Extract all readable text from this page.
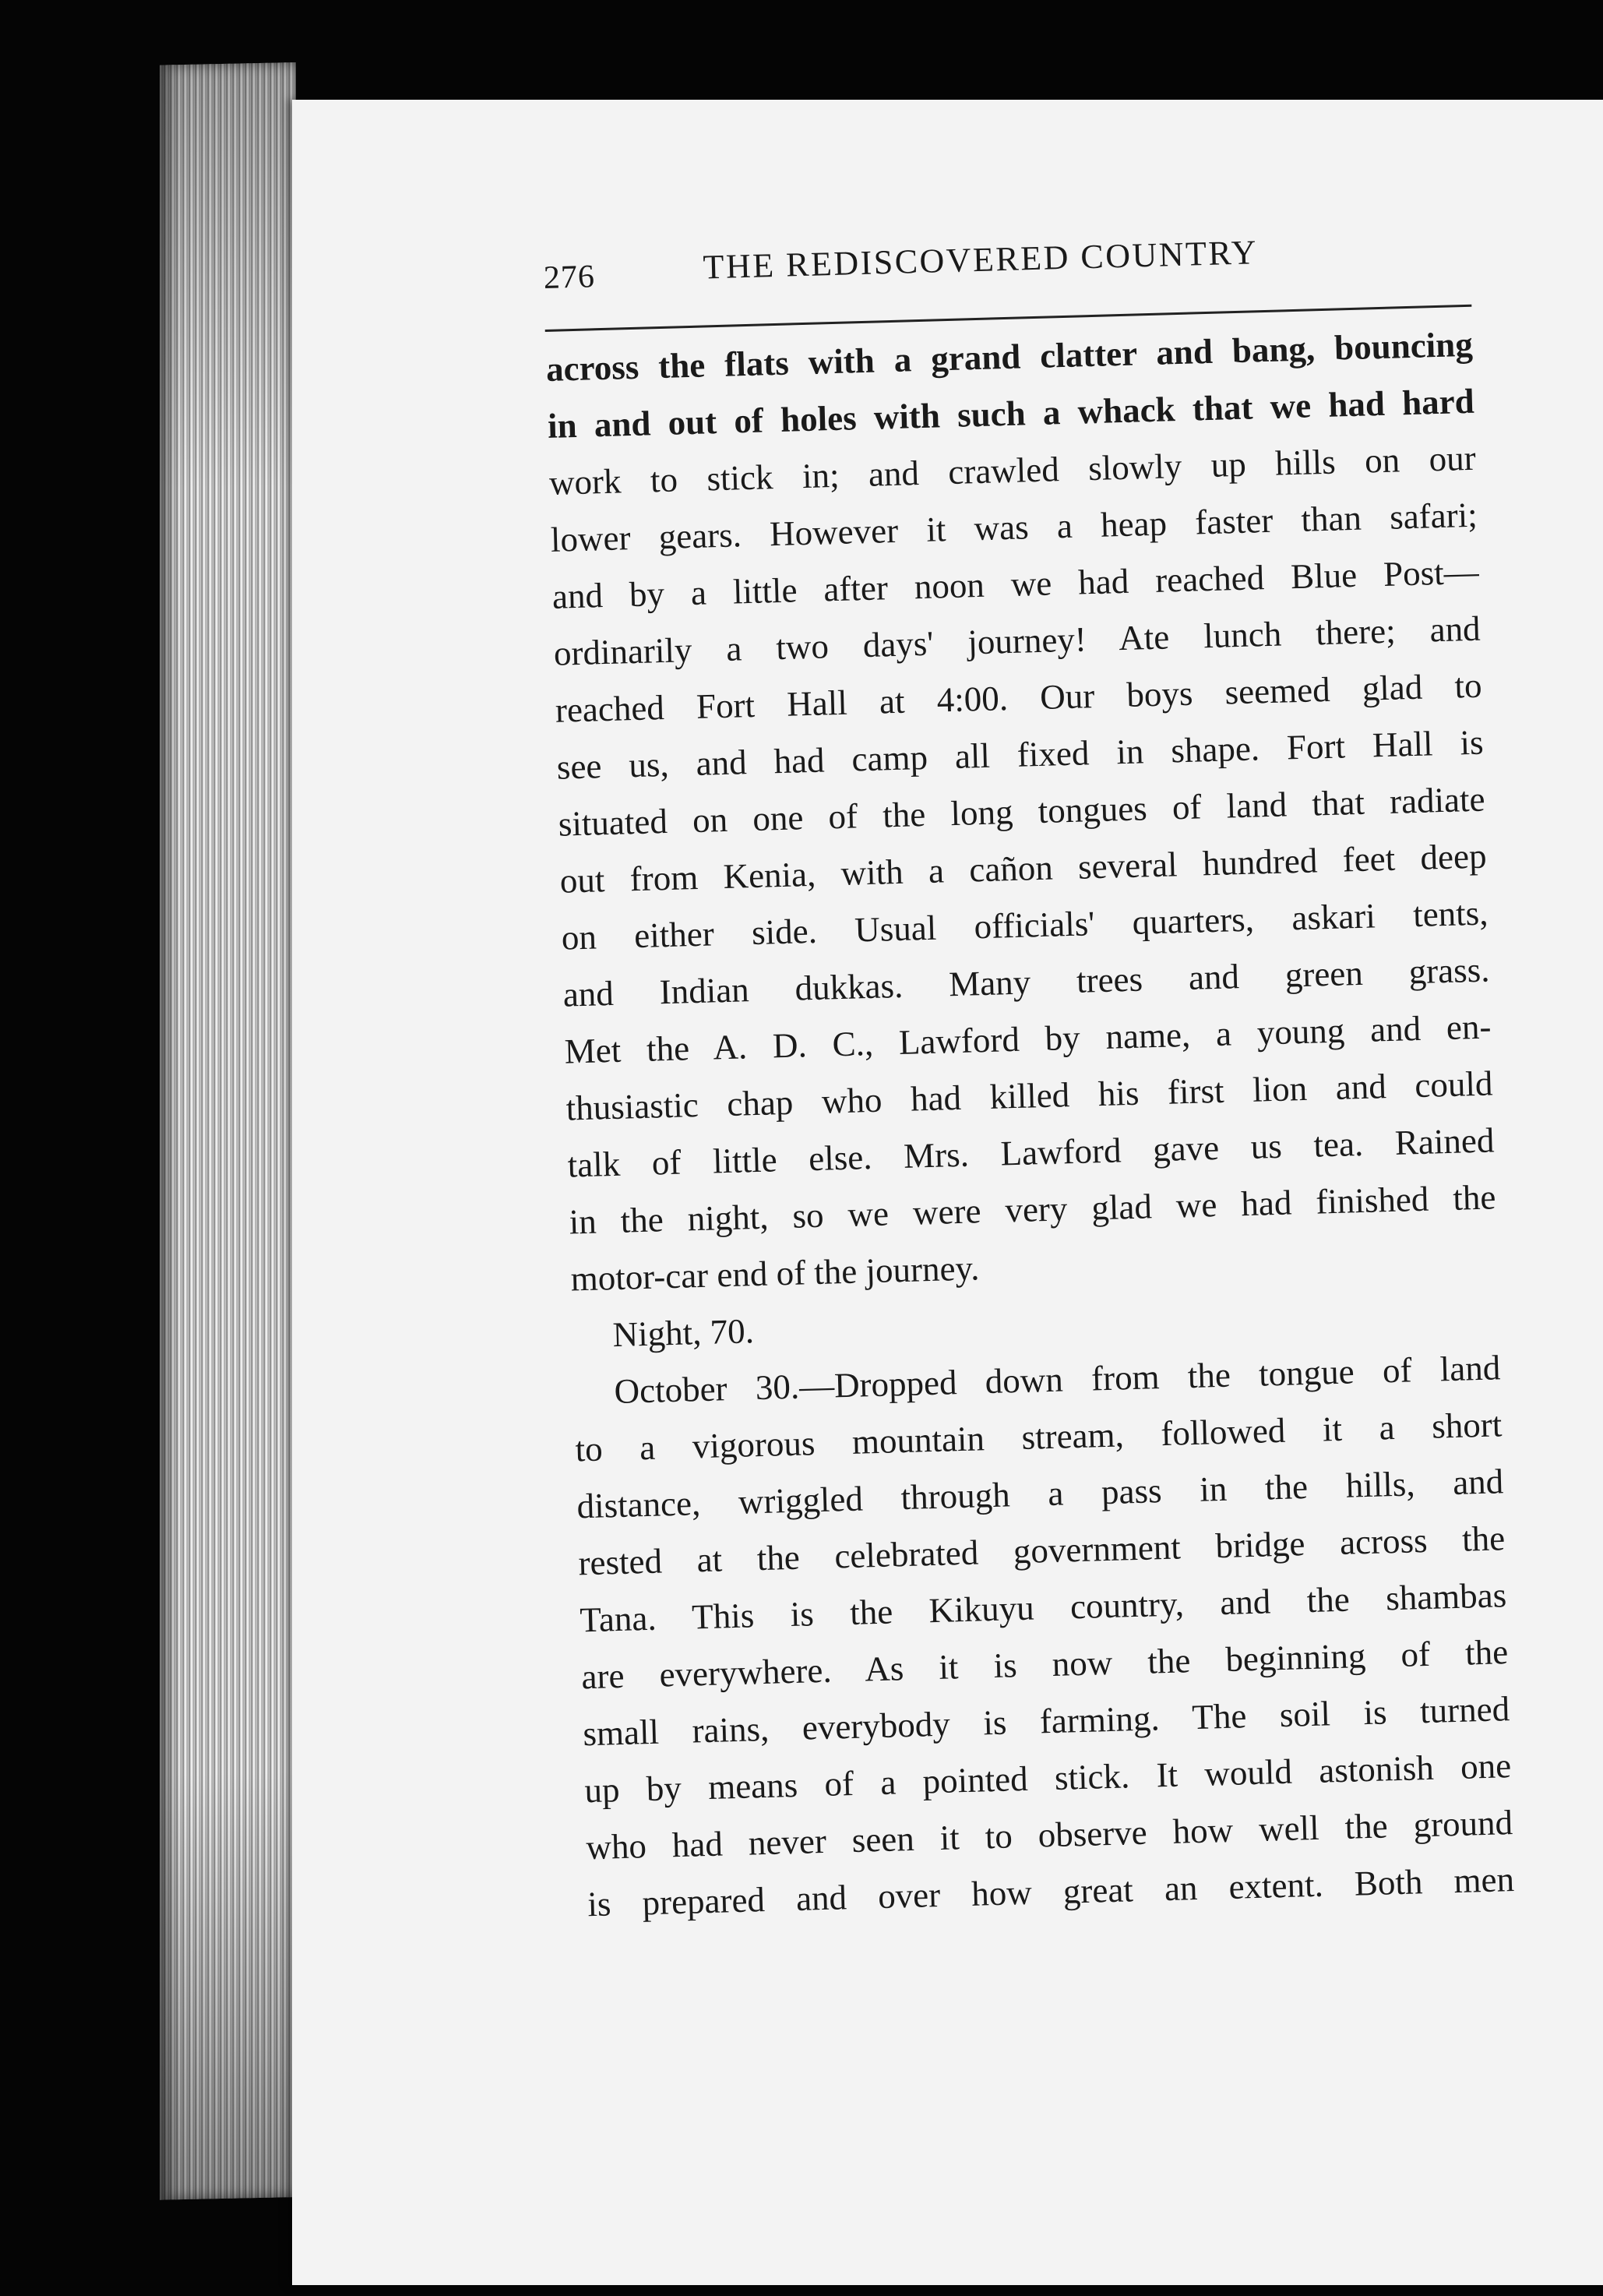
276	THE REDISCOVERED COUNTRY
across the flats with a grand clatter and bang, bouncing
in and out of holes with such a whack that we had hard
work to stick in; and crawled slowly up hills on our
lower gears. However it was a heap faster than safari;
and by a little after noon we had reached Blue Post—
ordinarily a two days' journey! Ate lunch there; and
reached Fort Hall at 4:00. Our boys seemed glad to
see us, and had camp all fixed in shape. Fort Hall is
situated on one of the long tongues of land that radiate
out from Kenia, with a cañon several hundred feet deep
on either side. Usual officials' quarters, askari tents,
and Indian dukkas. Many trees and green grass.
Met the A. D. C., Lawford by name, a young and en-
thusiastic chap who had killed his first lion and could
talk of little else. Mrs. Lawford gave us tea. Rained
in the night, so we were very glad we had finished the
motor-car end of the journey.
Night, 70.
October 30.—Dropped down from the tongue of land
to a vigorous mountain stream, followed it a short
distance, wriggled through a pass in the hills, and
rested at the celebrated government bridge across the
Tana. This is the Kikuyu country, and the shambas
are everywhere. As it is now the beginning of the
small rains, everybody is farming. The soil is turned
up by means of a pointed stick. It would astonish one
who had never seen it to observe how well the ground
is prepared and over how great an extent. Both men
